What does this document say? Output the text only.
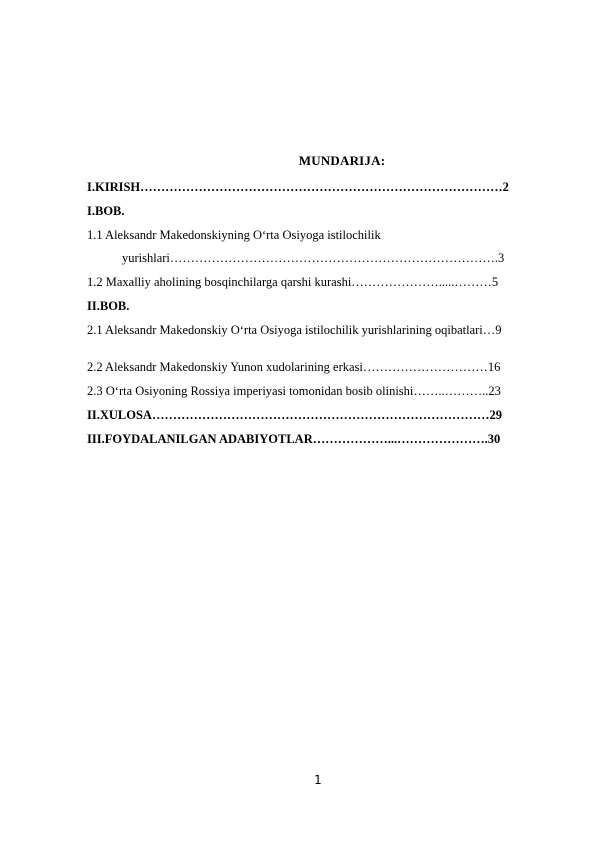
MUNDARIJA:
I.KIRISH……………………………………………………………………………2
I.BOB.
1.1 Aleksandr Makedonskiyning O‘rta Osiyoga istilochilik
yurishlari…………………………………………………………………….3
1.2 Maxalliy aholining bosqinchilarga qarshi kurashi………………….....………5
II.BOB.
2.1 Aleksandr Makedonskiy O‘rta Osiyoga istilochilik yurishlarining oqibatlari…9
2.2 Aleksandr Makedonskiy Yunon xudolarining erkasi…………………………16
2.3 O‘rta Osiyoning Rossiya imperiyasi tomonidan bosib olinishi……..………..23
II.XULOSA………………………………………………………………………29
III.FOYDALANILGAN ADABIYOTLAR………………...………………….30
1
